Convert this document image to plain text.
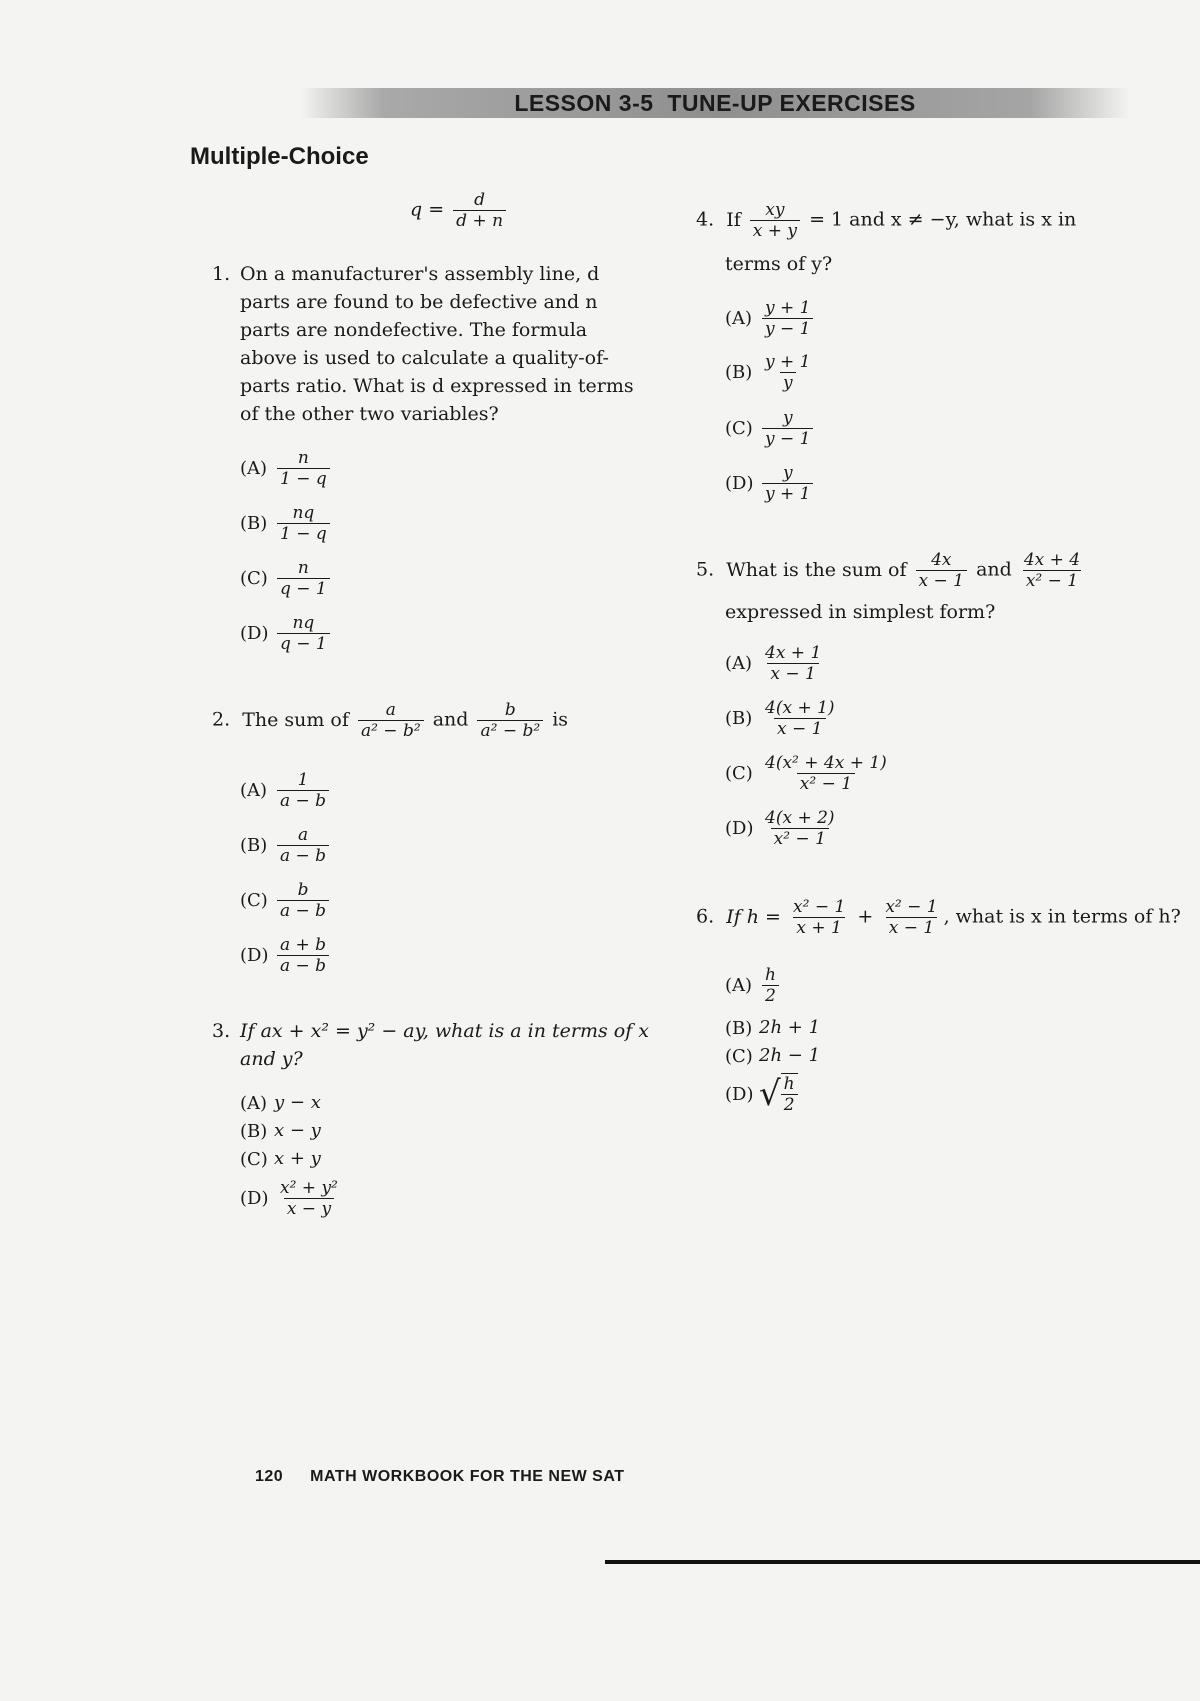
LESSON 3-5  TUNE-UP EXERCISES
Multiple-Choice
$q = \frac{d}{d + n}$
1. On a manufacturer's assembly line, d parts are found to be defective and n parts are nondefective. The formula above is used to calculate a quality-of-parts ratio. What is d expressed in terms of the other two variables?
$(A) \frac{n}{1 - q}$
$(B) \frac{nq}{1 - q}$
$(C) \frac{n}{q - 1}$
$(D) \frac{nq}{q - 1}$
2. The sum of $\frac{a}{\text{a² − b²}}$ and $\frac{b}{\text{a² − b²}}$ is
$(A) \frac{1}{a - b}$
$(B) \frac{a}{a - b}$
$(C) \frac{b}{a - b}$
$(D) \frac{a + b}{a - b}$
3. If ax + x² = y² − ay, what is a in terms of x
and y?
(A) y − x
(B) x − y
(C) x + y
$(D) \frac{\text{x² + y²}}{x - y}$
4. If $\frac{xy}{x + y} = 1$ and x ≠ −y, what is x in
terms of y?
$(A) \frac{y + 1}{y - 1}$
$(B) \frac{y + 1}{y}$
$(C) \frac{y}{y - 1}$
$(D) \frac{y}{y + 1}$
5. What is the sum of $\frac{4x}{x - 1}$ and $\frac{4x + 4}{\text{x² − 1}}$
expressed in simplest form?
$(A) \frac{4x + 1}{x - 1}$
$(B) \frac{4(x + 1)}{x - 1}$
$(C) \frac{\text{4(x² + 4x + 1)}}{\text{x² − 1}}$
$(D) \frac{4(x + 2)}{\text{x² − 1}}$
6. If $h = \frac{\text{x² − 1}}{x + 1} + \frac{\text{x² − 1}}{x - 1}$ , what is x in terms of h?
$(A) \frac{h}{2}$
(B) 2h + 1
(C) 2h − 1
(D) √ $\frac{h}{2}$
120 MATH WORKBOOK FOR THE NEW SAT
